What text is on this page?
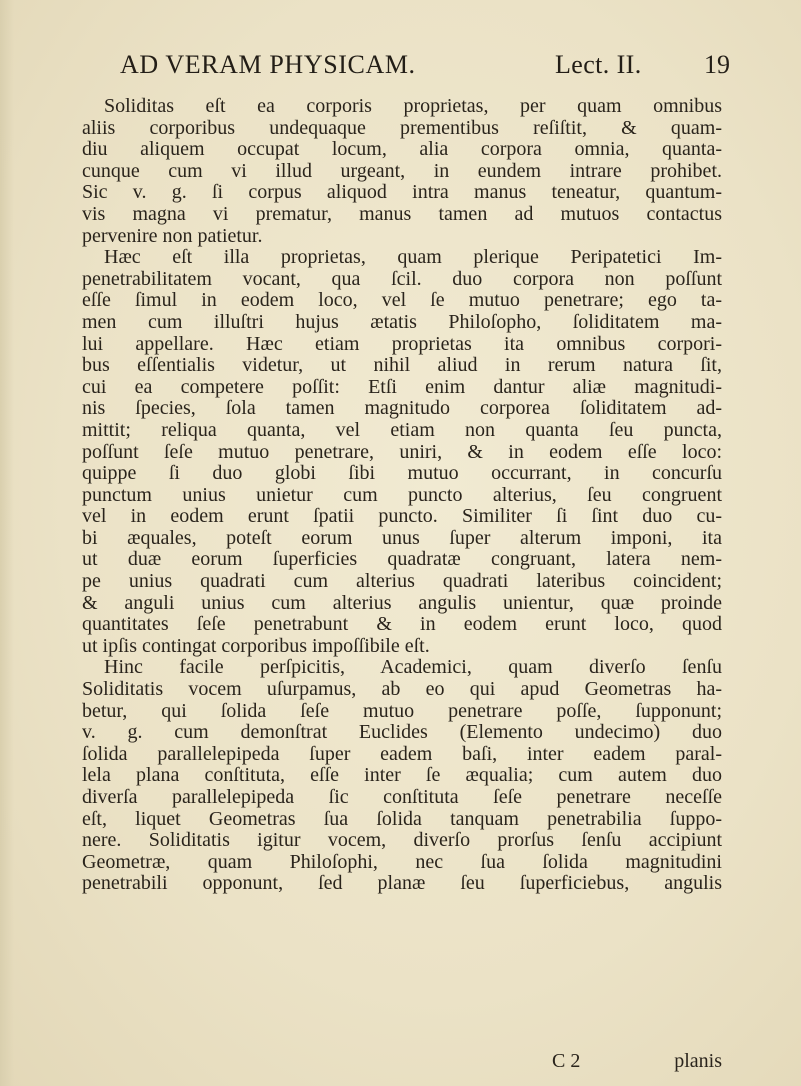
AD VERAM PHYSICAM.	Lect. II. 19
Soliditas eſt ea corporis proprietas, per quam omnibus
aliis corporibus undequaque prementibus reſiſtit, & quam-
diu aliquem occupat locum, alia corpora omnia, quanta-
cunque cum vi illud urgeant, in eundem intrare prohibet.
Sic v. g. ſi corpus aliquod intra manus teneatur, quantum-
vis magna vi prematur, manus tamen ad mutuos contactus
pervenire non patietur.
Hæc eſt illa proprietas, quam plerique Peripatetici Im-
penetrabilitatem vocant, qua ſcil. duo corpora non poſſunt
eſſe ſimul in eodem loco, vel ſe mutuo penetrare; ego ta-
men cum illuſtri hujus ætatis Philoſopho, ſoliditatem ma-
lui appellare. Hæc etiam proprietas ita omnibus corpori-
bus eſſentialis videtur, ut nihil aliud in rerum natura ſit,
cui ea competere poſſit: Etſi enim dantur aliæ magnitudi-
nis ſpecies, ſola tamen magnitudo corporea ſoliditatem ad-
mittit; reliqua quanta, vel etiam non quanta ſeu puncta,
poſſunt ſeſe mutuo penetrare, uniri, & in eodem eſſe loco:
quippe ſi duo globi ſibi mutuo occurrant, in concurſu
punctum unius unietur cum puncto alterius, ſeu congruent
vel in eodem erunt ſpatii puncto. Similiter ſi ſint duo cu-
bi æquales, poteſt eorum unus ſuper alterum imponi, ita
ut duæ eorum ſuperficies quadratæ congruant, latera nem-
pe unius quadrati cum alterius quadrati lateribus coincident;
& anguli unius cum alterius angulis unientur, quæ proinde
quantitates ſeſe penetrabunt & in eodem erunt loco, quod
ut ipſis contingat corporibus impoſſibile eſt.
Hinc facile perſpicitis, Academici, quam diverſo ſenſu
Soliditatis vocem uſurpamus, ab eo qui apud Geometras ha-
betur, qui ſolida ſeſe mutuo penetrare poſſe, ſupponunt;
v. g. cum demonſtrat Euclides (Elemento undecimo) duo
ſolida parallelepipeda ſuper eadem baſi, inter eadem paral-
lela plana conſtituta, eſſe inter ſe æqualia; cum autem duo
diverſa parallelepipeda ſic conſtituta ſeſe penetrare neceſſe
eſt, liquet Geometras ſua ſolida tanquam penetrabilia ſuppo-
nere. Soliditatis igitur vocem, diverſo prorſus ſenſu accipiunt
Geometræ, quam Philoſophi, nec ſua ſolida magnitudini
penetrabili opponunt, ſed planæ ſeu ſuperficiebus, angulis
C 2	planis
